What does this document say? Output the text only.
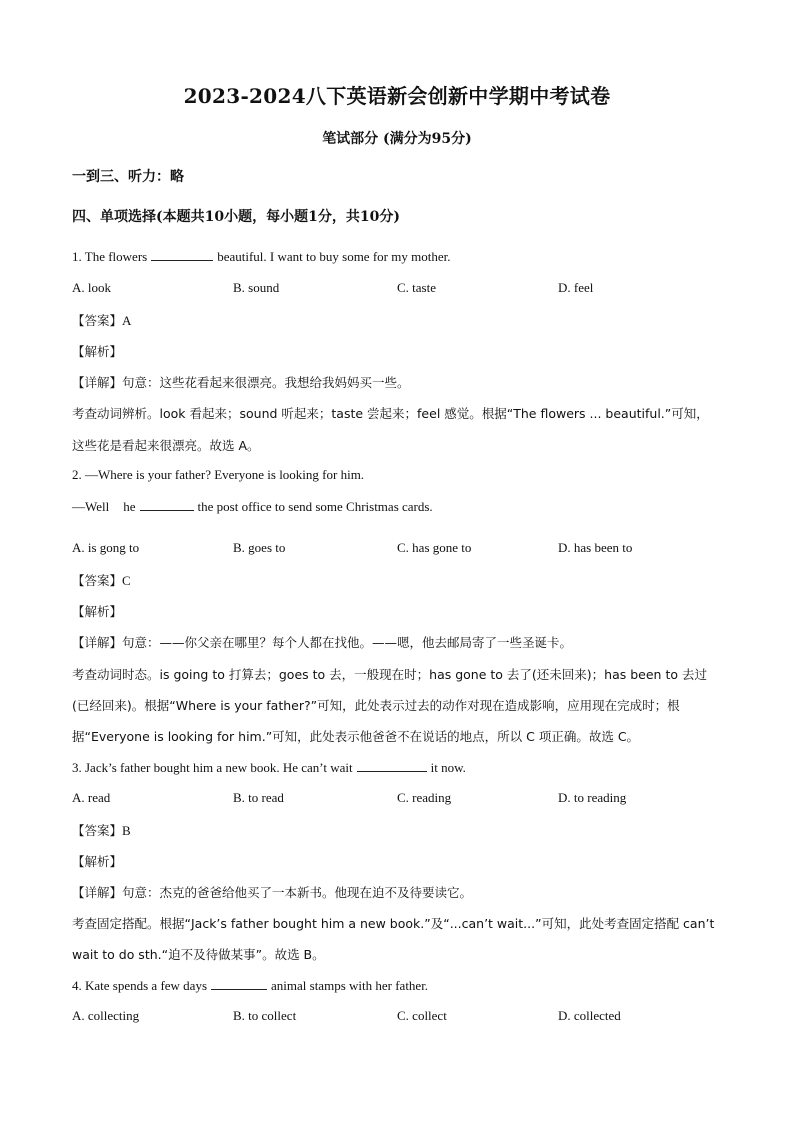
2023-2024八下英语新会创新中学期中考试卷
笔试部分 (满分为95分)
一到三、听力：略
四、单项选择(本题共10小题，每小题1分，共10分)
1. The flowers	beautiful. I want to buy some for my mother.
A. look	B. sound	C. taste	D. feel
【答案】A
【解析】
【详解】句意：这些花看起来很漂亮。我想给我妈妈买一些。
考查动词辨析。look 看起来；sound 听起来；taste 尝起来；feel 感觉。根据“The flowers ... beautiful.”可知，
这些花是看起来很漂亮。故选 A。
2. —Where is your father? Everyone is looking for him.
—Well he	the post office to send some Christmas cards.
A. is gong to	B. goes to	C. has gone to	D. has been to
【答案】C
【解析】
【详解】句意：——你父亲在哪里？每个人都在找他。——嗯，他去邮局寄了一些圣诞卡。
考查动词时态。is going to 打算去；goes to 去，一般现在时；has gone to 去了(还未回来)；has been to 去过
(已经回来)。根据“Where is your father?”可知，此处表示过去的动作对现在造成影响，应用现在完成时；根
据“Everyone is looking for him.”可知，此处表示他爸爸不在说话的地点，所以 C 项正确。故选 C。
3. Jack’s father bought him a new book. He can’t wait	it now.
A. read	B. to read	C. reading	D. to reading
【答案】B
【解析】
【详解】句意：杰克的爸爸给他买了一本新书。他现在迫不及待要读它。
考查固定搭配。根据“Jack’s father bought him a new book.”及“...can’t wait...”可知，此处考查固定搭配 can’t
wait to do sth.“迫不及待做某事”。故选 B。
4. Kate spends a few days	animal stamps with her father.
A. collecting	B. to collect	C. collect	D. collected
